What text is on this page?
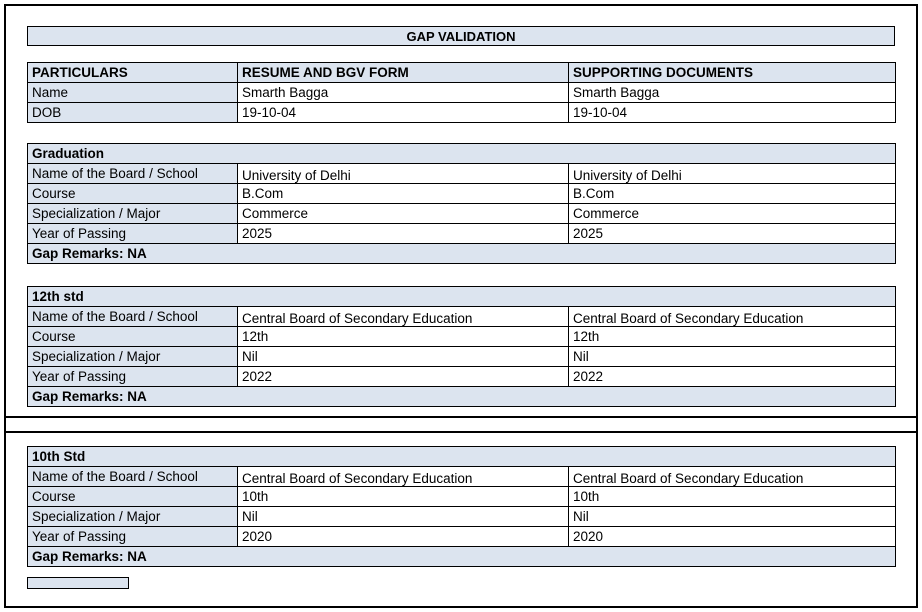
GAP VALIDATION
PARTICULARS	RESUME AND BGV FORM	SUPPORTING DOCUMENTS
Name	Smarth Bagga	Smarth Bagga
DOB	19-10-04	19-10-04
Graduation		
Name of the Board / School	University of Delhi	University of Delhi
Course	B.Com	B.Com
Specialization / Major	Commerce	Commerce
Year of Passing	2025	2025
Gap Remarks: NA		
12th std		
Name of the Board / School	Central Board of Secondary Education	Central Board of Secondary Education
Course	12th	12th
Specialization / Major	Nil	Nil
Year of Passing	2022	2022
Gap Remarks: NA		
10th Std		
Name of the Board / School	Central Board of Secondary Education	Central Board of Secondary Education
Course	10th	10th
Specialization / Major	Nil	Nil
Year of Passing	2020	2020
Gap Remarks: NA		
